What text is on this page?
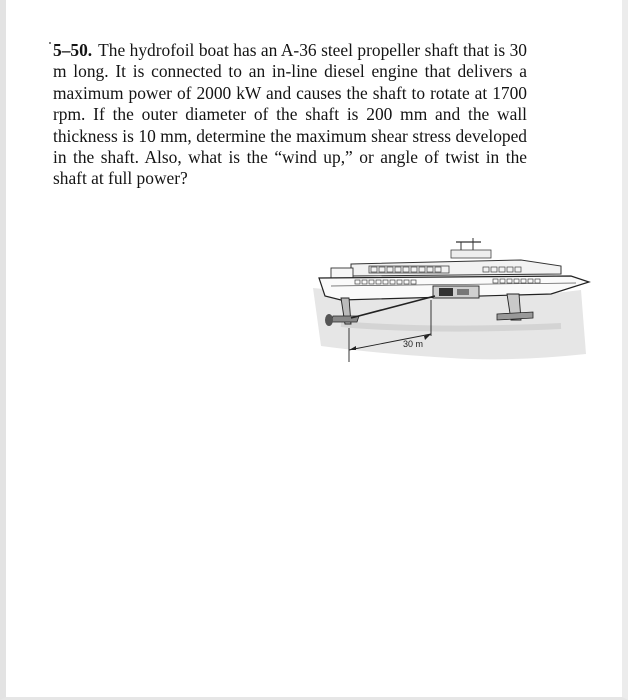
5–50. The hydrofoil boat has an A-36 steel propeller shaft that is 30 m long. It is connected to an in-line diesel engine that delivers a maximum power of 2000 kW and causes the shaft to rotate at 1700 rpm. If the outer diameter of the shaft is 200 mm and the wall thickness is 10 mm, determine the maximum shear stress developed in the shaft. Also, what is the “wind up,” or angle of twist in the shaft at full power?
30 m
